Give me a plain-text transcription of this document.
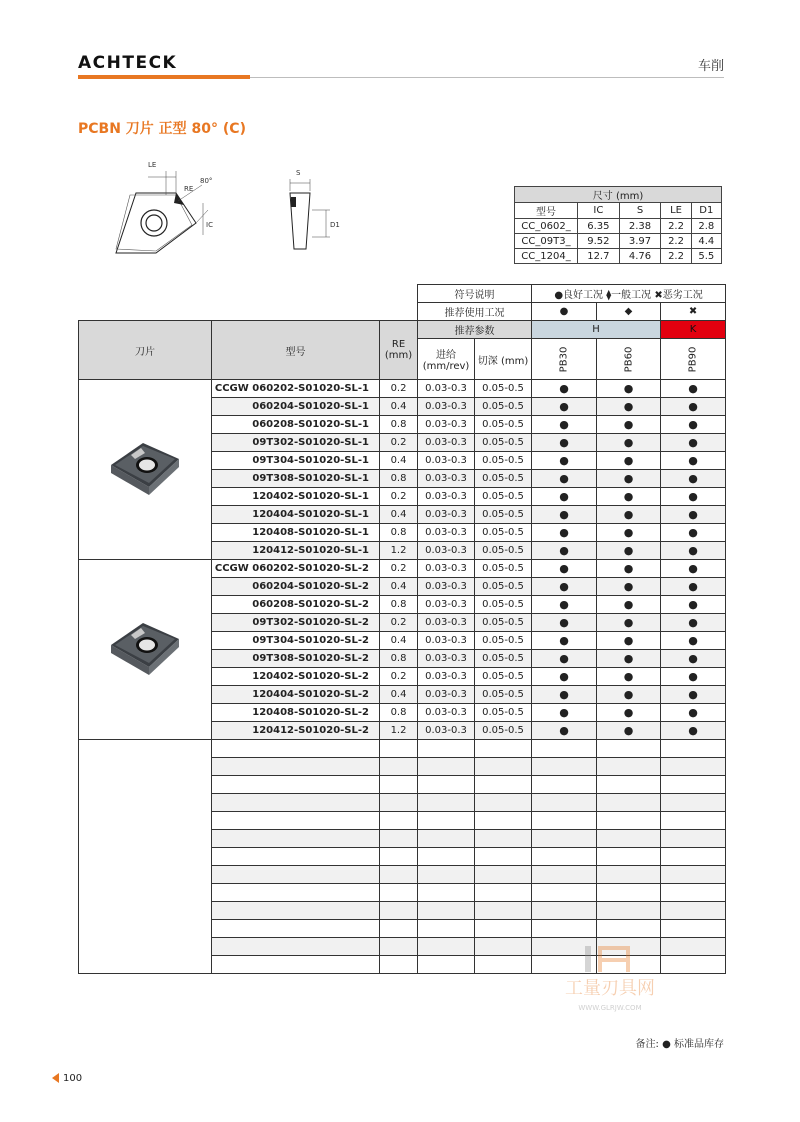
ACHTECK	车削
PCBN 刀片 正型 80° (C)
LE
RE
80°
IC
S
D1
尺寸 (mm)				
型号	IC	S	LE	D1
CC_0602_	6.35	2.38	2.2	2.8
CC_09T3_	9.52	3.97	2.2	4.4
CC_1204_	12.7	4.76	2.2	5.5
			符号说明		●良好工况 ⧫一般工况 ✖恶劣工况		
			推荐使用工况		●	◆	✖
刀片	型号	RE (mm)	推荐参数		H		K
			进给 (mm/rev)	切深 (mm)	PB30	PB60	PB90
	CCGW 060202-S01020-SL-1	0.2	0.03-0.3	0.05-0.5	●	●	●
	060204-S01020-SL-1	0.4	0.03-0.3	0.05-0.5	●	●	●
	060208-S01020-SL-1	0.8	0.03-0.3	0.05-0.5	●	●	●
	09T302-S01020-SL-1	0.2	0.03-0.3	0.05-0.5	●	●	●
	09T304-S01020-SL-1	0.4	0.03-0.3	0.05-0.5	●	●	●
	09T308-S01020-SL-1	0.8	0.03-0.3	0.05-0.5	●	●	●
	120402-S01020-SL-1	0.2	0.03-0.3	0.05-0.5	●	●	●
	120404-S01020-SL-1	0.4	0.03-0.3	0.05-0.5	●	●	●
	120408-S01020-SL-1	0.8	0.03-0.3	0.05-0.5	●	●	●
	120412-S01020-SL-1	1.2	0.03-0.3	0.05-0.5	●	●	●
	CCGW 060202-S01020-SL-2	0.2	0.03-0.3	0.05-0.5	●	●	●
	060204-S01020-SL-2	0.4	0.03-0.3	0.05-0.5	●	●	●
	060208-S01020-SL-2	0.8	0.03-0.3	0.05-0.5	●	●	●
	09T302-S01020-SL-2	0.2	0.03-0.3	0.05-0.5	●	●	●
	09T304-S01020-SL-2	0.4	0.03-0.3	0.05-0.5	●	●	●
	09T308-S01020-SL-2	0.8	0.03-0.3	0.05-0.5	●	●	●
	120402-S01020-SL-2	0.2	0.03-0.3	0.05-0.5	●	●	●
	120404-S01020-SL-2	0.4	0.03-0.3	0.05-0.5	●	●	●
	120408-S01020-SL-2	0.8	0.03-0.3	0.05-0.5	●	●	●
	120412-S01020-SL-2	1.2	0.03-0.3	0.05-0.5	●	●	●

工量刃具网
WWW.GLRJW.COM
备注: ● 标准品库存
100
